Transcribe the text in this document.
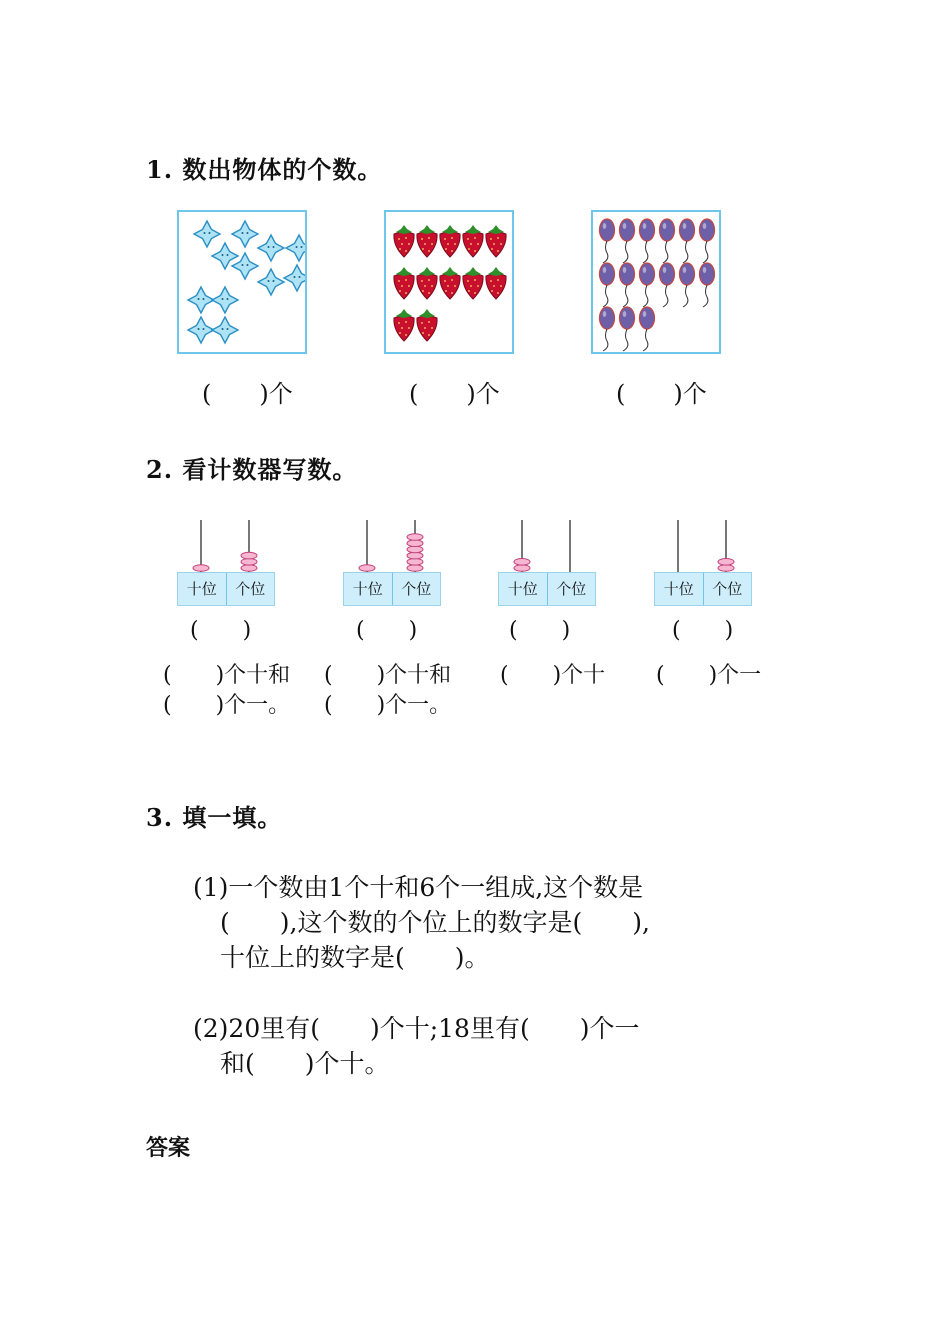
1. 数出物体的个数。
(　　)个	(　　)个	(　　)个
2. 看计数器写数。
十位	个位	十位	个位	十位	个位	十位	个位
(　　)	(　　)	(　　)	(　　)
(　　)个十和
(　　)个一。
(　　)个十和
(　　)个一。
(　　)个十 (　　)个一
3. 填一填。
(1)一个数由1个十和6个一组成,这个数是
(　　),这个数的个位上的数字是(　　),
十位上的数字是(　　)。
(2)20里有(　　)个十;18里有(　　)个一
和(　　)个十。
答案
